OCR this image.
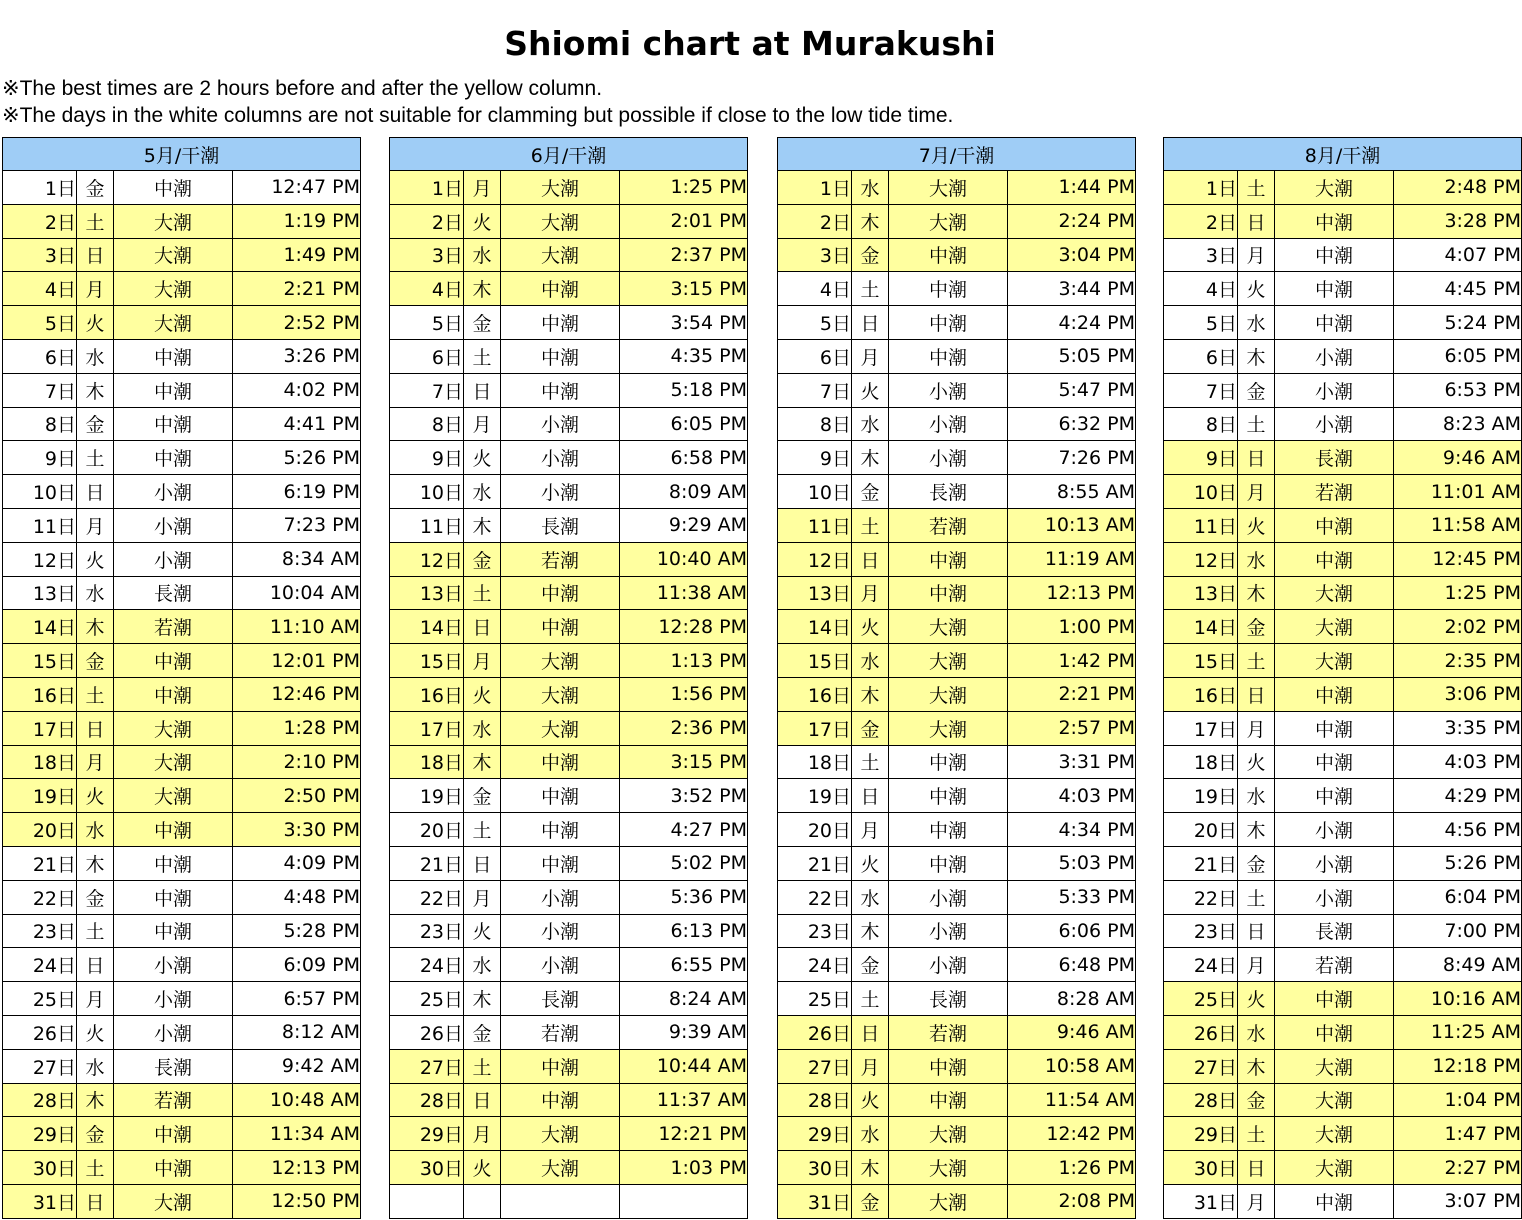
Shiomi chart at Murakushi
※The best times are 2 hours before and after the yellow column.
※The days in the white columns are not suitable for clamming but possible if close to the low tide time.
5月/干潮			
1日	金	中潮	12:47 PM
2日	土	大潮	1:19 PM
3日	日	大潮	1:49 PM
4日	月	大潮	2:21 PM
5日	火	大潮	2:52 PM
6日	水	中潮	3:26 PM
7日	木	中潮	4:02 PM
8日	金	中潮	4:41 PM
9日	土	中潮	5:26 PM
10日	日	小潮	6:19 PM
11日	月	小潮	7:23 PM
12日	火	小潮	8:34 AM
13日	水	長潮	10:04 AM
14日	木	若潮	11:10 AM
15日	金	中潮	12:01 PM
16日	土	中潮	12:46 PM
17日	日	大潮	1:28 PM
18日	月	大潮	2:10 PM
19日	火	大潮	2:50 PM
20日	水	中潮	3:30 PM
21日	木	中潮	4:09 PM
22日	金	中潮	4:48 PM
23日	土	中潮	5:28 PM
24日	日	小潮	6:09 PM
25日	月	小潮	6:57 PM
26日	火	小潮	8:12 AM
27日	水	長潮	9:42 AM
28日	木	若潮	10:48 AM
29日	金	中潮	11:34 AM
30日	土	中潮	12:13 PM
31日	日	大潮	12:50 PM
6月/干潮			
1日	月	大潮	1:25 PM
2日	火	大潮	2:01 PM
3日	水	大潮	2:37 PM
4日	木	中潮	3:15 PM
5日	金	中潮	3:54 PM
6日	土	中潮	4:35 PM
7日	日	中潮	5:18 PM
8日	月	小潮	6:05 PM
9日	火	小潮	6:58 PM
10日	水	小潮	8:09 AM
11日	木	長潮	9:29 AM
12日	金	若潮	10:40 AM
13日	土	中潮	11:38 AM
14日	日	中潮	12:28 PM
15日	月	大潮	1:13 PM
16日	火	大潮	1:56 PM
17日	水	大潮	2:36 PM
18日	木	中潮	3:15 PM
19日	金	中潮	3:52 PM
20日	土	中潮	4:27 PM
21日	日	中潮	5:02 PM
22日	月	小潮	5:36 PM
23日	火	小潮	6:13 PM
24日	水	小潮	6:55 PM
25日	木	長潮	8:24 AM
26日	金	若潮	9:39 AM
27日	土	中潮	10:44 AM
28日	日	中潮	11:37 AM
29日	月	大潮	12:21 PM
30日	火	大潮	1:03 PM

7月/干潮			
1日	水	大潮	1:44 PM
2日	木	大潮	2:24 PM
3日	金	中潮	3:04 PM
4日	土	中潮	3:44 PM
5日	日	中潮	4:24 PM
6日	月	中潮	5:05 PM
7日	火	小潮	5:47 PM
8日	水	小潮	6:32 PM
9日	木	小潮	7:26 PM
10日	金	長潮	8:55 AM
11日	土	若潮	10:13 AM
12日	日	中潮	11:19 AM
13日	月	中潮	12:13 PM
14日	火	大潮	1:00 PM
15日	水	大潮	1:42 PM
16日	木	大潮	2:21 PM
17日	金	大潮	2:57 PM
18日	土	中潮	3:31 PM
19日	日	中潮	4:03 PM
20日	月	中潮	4:34 PM
21日	火	中潮	5:03 PM
22日	水	小潮	5:33 PM
23日	木	小潮	6:06 PM
24日	金	小潮	6:48 PM
25日	土	長潮	8:28 AM
26日	日	若潮	9:46 AM
27日	月	中潮	10:58 AM
28日	火	中潮	11:54 AM
29日	水	大潮	12:42 PM
30日	木	大潮	1:26 PM
31日	金	大潮	2:08 PM
8月/干潮			
1日	土	大潮	2:48 PM
2日	日	中潮	3:28 PM
3日	月	中潮	4:07 PM
4日	火	中潮	4:45 PM
5日	水	中潮	5:24 PM
6日	木	小潮	6:05 PM
7日	金	小潮	6:53 PM
8日	土	小潮	8:23 AM
9日	日	長潮	9:46 AM
10日	月	若潮	11:01 AM
11日	火	中潮	11:58 AM
12日	水	中潮	12:45 PM
13日	木	大潮	1:25 PM
14日	金	大潮	2:02 PM
15日	土	大潮	2:35 PM
16日	日	中潮	3:06 PM
17日	月	中潮	3:35 PM
18日	火	中潮	4:03 PM
19日	水	中潮	4:29 PM
20日	木	小潮	4:56 PM
21日	金	小潮	5:26 PM
22日	土	小潮	6:04 PM
23日	日	長潮	7:00 PM
24日	月	若潮	8:49 AM
25日	火	中潮	10:16 AM
26日	水	中潮	11:25 AM
27日	木	大潮	12:18 PM
28日	金	大潮	1:04 PM
29日	土	大潮	1:47 PM
30日	日	大潮	2:27 PM
31日	月	中潮	3:07 PM
